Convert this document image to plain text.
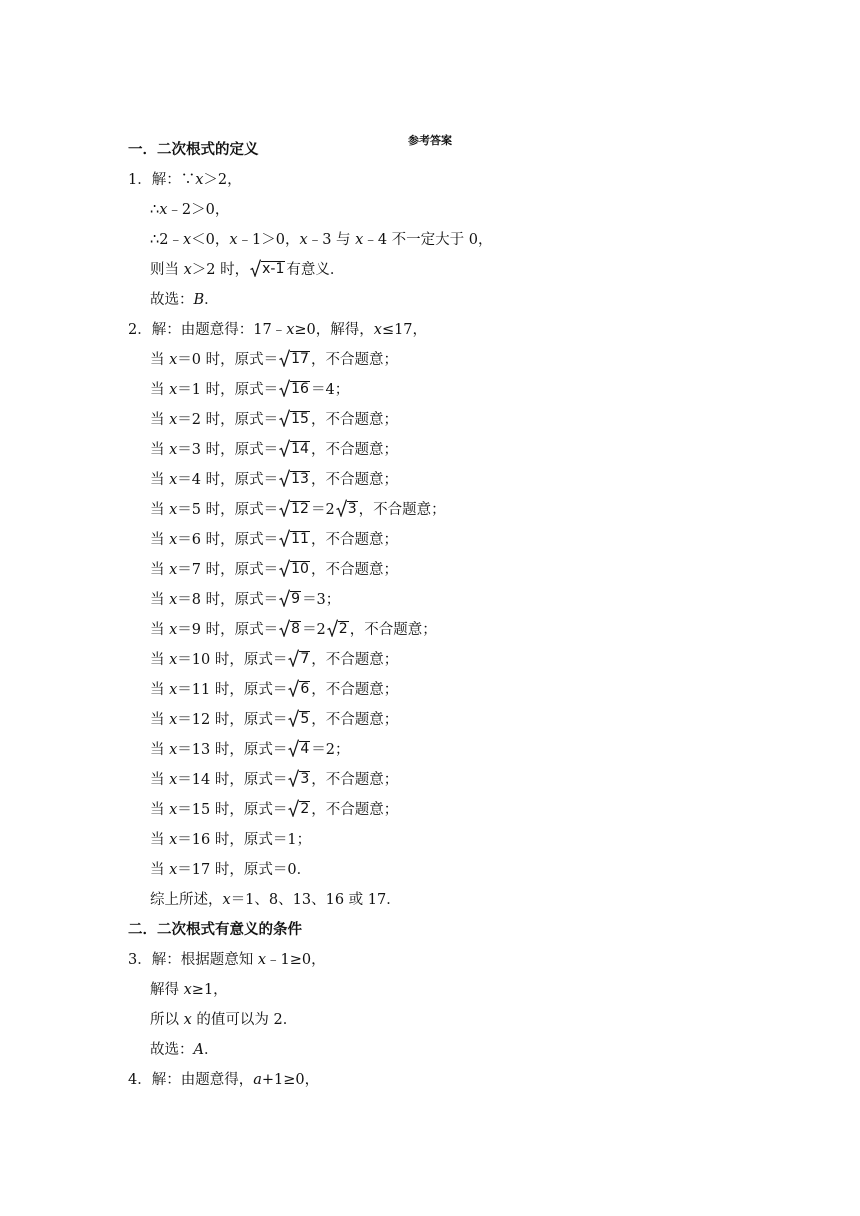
参考答案
一．二次根式的定义
1．解：∵x＞2，
∴x﹣2＞0，
∴2﹣x＜0，x﹣1＞0，x﹣3 与 x﹣4 不一定大于 0，
则当 x＞2 时， x-1 有意义．
故选：B．
2．解：由题意得：17﹣x≥0，解得，x≤17，
当 x＝0 时，原式＝ 17 ，不合题意；
当 x＝1 时，原式＝ 16 ＝4；
当 x＝2 时，原式＝ 15 ，不合题意；
当 x＝3 时，原式＝ 14 ，不合题意；
当 x＝4 时，原式＝ 13 ，不合题意；
当 x＝5 时，原式＝ 12 ＝2 3 ，不合题意；
当 x＝6 时，原式＝ 11 ，不合题意；
当 x＝7 时，原式＝ 10 ，不合题意；
当 x＝8 时，原式＝ 9 ＝3；
当 x＝9 时，原式＝ 8 ＝2 2 ，不合题意；
当 x＝10 时，原式＝ 7 ，不合题意；
当 x＝11 时，原式＝ 6 ，不合题意；
当 x＝12 时，原式＝ 5 ，不合题意；
当 x＝13 时，原式＝ 4 ＝2；
当 x＝14 时，原式＝ 3 ，不合题意；
当 x＝15 时，原式＝ 2 ，不合题意；
当 x＝16 时，原式＝1；
当 x＝17 时，原式＝0．
综上所述，x＝1、8、13、16 或 17．
二．二次根式有意义的条件
3．解：根据题意知 x﹣1≥0，
解得 x≥1，
所以 x 的值可以为 2．
故选：A．
4．解：由题意得，a+1≥0，
